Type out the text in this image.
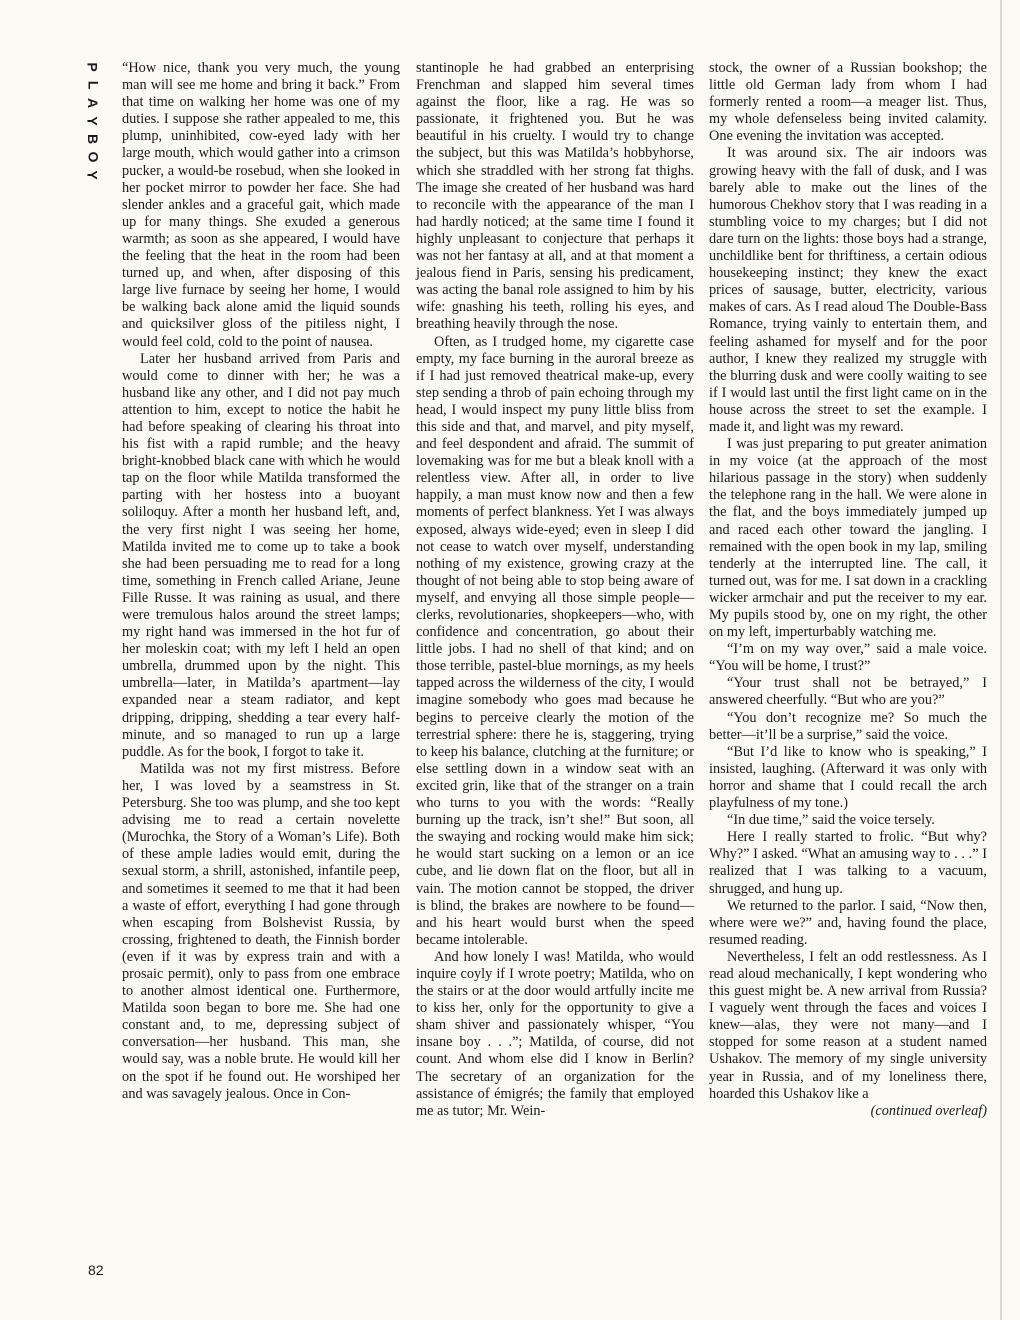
P
L
A
Y
B
O
Y
82

“How nice, thank you very much, the young man will see me home and bring it back.” From that time on walking her home was one of my duties. I suppose she rather appealed to me, this plump, uninhibited, cow-eyed lady with her large mouth, which would gather into a crimson pucker, a would-be rosebud, when she looked in her pocket mirror to powder her face. She had slender ankles and a graceful gait, which made up for many things. She exuded a generous warmth; as soon as she appeared, I would have the feeling that the heat in the room had been turned up, and when, after disposing of this large live furnace by seeing her home, I would be walking back alone amid the liquid sounds and quicksilver gloss of the pitiless night, I would feel cold, cold to the point of nausea.

Later her husband arrived from Paris and would come to dinner with her; he was a husband like any other, and I did not pay much attention to him, except to notice the habit he had before speaking of clearing his throat into his fist with a rapid rumble; and the heavy bright-knobbed black cane with which he would tap on the floor while Matilda transformed the parting with her hostess into a buoyant soliloquy. After a month her husband left, and, the very first night I was seeing her home, Matilda invited me to come up to take a book she had been persuading me to read for a long time, something in French called Ariane, Jeune Fille Russe. It was raining as usual, and there were tremulous halos around the street lamps; my right hand was immersed in the hot fur of her moleskin coat; with my left I held an open umbrella, drummed upon by the night. This umbrella—later, in Matilda’s apartment—lay expanded near a steam radiator, and kept dripping, dripping, shedding a tear every half-minute, and so managed to run up a large puddle. As for the book, I forgot to take it.

Matilda was not my first mistress. Before her, I was loved by a seamstress in St. Petersburg. She too was plump, and she too kept advising me to read a certain novelette (Murochka, the Story of a Woman’s Life). Both of these ample ladies would emit, during the sexual storm, a shrill, astonished, infantile peep, and sometimes it seemed to me that it had been a waste of effort, everything I had gone through when escaping from Bolshevist Russia, by crossing, frightened to death, the Finnish border (even if it was by express train and with a prosaic permit), only to pass from one embrace to another almost identical one. Furthermore, Matilda soon began to bore me. She had one constant and, to me, depressing subject of conversation—her husband. This man, she would say, was a noble brute. He would kill her on the spot if he found out. He worshiped her and was savagely jealous. Once in Con-

stantinople he had grabbed an enterprising Frenchman and slapped him several times against the floor, like a rag. He was so passionate, it frightened you. But he was beautiful in his cruelty. I would try to change the subject, but this was Matilda’s hobbyhorse, which she straddled with her strong fat thighs. The image she created of her husband was hard to reconcile with the appearance of the man I had hardly noticed; at the same time I found it highly unpleasant to conjecture that perhaps it was not her fantasy at all, and at that moment a jealous fiend in Paris, sensing his predicament, was acting the banal role assigned to him by his wife: gnashing his teeth, rolling his eyes, and breathing heavily through the nose.

Often, as I trudged home, my cigarette case empty, my face burning in the auroral breeze as if I had just removed theatrical make-up, every step sending a throb of pain echoing through my head, I would inspect my puny little bliss from this side and that, and marvel, and pity myself, and feel despondent and afraid. The summit of lovemaking was for me but a bleak knoll with a relentless view. After all, in order to live happily, a man must know now and then a few moments of perfect blankness. Yet I was always exposed, always wide-eyed; even in sleep I did not cease to watch over myself, understanding nothing of my existence, growing crazy at the thought of not being able to stop being aware of myself, and envying all those simple people—clerks, revolutionaries, shopkeepers—who, with confidence and concentration, go about their little jobs. I had no shell of that kind; and on those terrible, pastel-blue mornings, as my heels tapped across the wilderness of the city, I would imagine somebody who goes mad because he begins to perceive clearly the motion of the terrestrial sphere: there he is, staggering, trying to keep his balance, clutching at the furniture; or else settling down in a window seat with an excited grin, like that of the stranger on a train who turns to you with the words: “Really burning up the track, isn’t she!” But soon, all the swaying and rocking would make him sick; he would start sucking on a lemon or an ice cube, and lie down flat on the floor, but all in vain. The motion cannot be stopped, the driver is blind, the brakes are nowhere to be found—and his heart would burst when the speed became intolerable.

And how lonely I was! Matilda, who would inquire coyly if I wrote poetry; Matilda, who on the stairs or at the door would artfully incite me to kiss her, only for the opportunity to give a sham shiver and passionately whisper, “You insane boy . . .”; Matilda, of course, did not count. And whom else did I know in Berlin? The secretary of an organization for the assistance of émigrés; the family that employed me as tutor; Mr. Wein-

stock, the owner of a Russian bookshop; the little old German lady from whom I had formerly rented a room—a meager list. Thus, my whole defenseless being invited calamity. One evening the invitation was accepted.

It was around six. The air indoors was growing heavy with the fall of dusk, and I was barely able to make out the lines of the humorous Chekhov story that I was reading in a stumbling voice to my charges; but I did not dare turn on the lights: those boys had a strange, unchildlike bent for thriftiness, a certain odious housekeeping instinct; they knew the exact prices of sausage, butter, electricity, various makes of cars. As I read aloud The Double-Bass Romance, trying vainly to entertain them, and feeling ashamed for myself and for the poor author, I knew they realized my struggle with the blurring dusk and were coolly waiting to see if I would last until the first light came on in the house across the street to set the example. I made it, and light was my reward.

I was just preparing to put greater animation in my voice (at the approach of the most hilarious passage in the story) when suddenly the telephone rang in the hall. We were alone in the flat, and the boys immediately jumped up and raced each other toward the jangling. I remained with the open book in my lap, smiling tenderly at the interrupted line. The call, it turned out, was for me. I sat down in a crackling wicker armchair and put the receiver to my ear. My pupils stood by, one on my right, the other on my left, imperturbably watching me.

“I’m on my way over,” said a male voice. “You will be home, I trust?”

“Your trust shall not be betrayed,” I answered cheerfully. “But who are you?”

“You don’t recognize me? So much the better—it’ll be a surprise,” said the voice.

“But I’d like to know who is speaking,” I insisted, laughing. (Afterward it was only with horror and shame that I could recall the arch playfulness of my tone.)

“In due time,” said the voice tersely.

Here I really started to frolic. “But why? Why?” I asked. “What an amusing way to . . .” I realized that I was talking to a vacuum, shrugged, and hung up.

We returned to the parlor. I said, “Now then, where were we?” and, having found the place, resumed reading.

Nevertheless, I felt an odd restlessness. As I read aloud mechanically, I kept wondering who this guest might be. A new arrival from Russia? I vaguely went through the faces and voices I knew—alas, they were not many—and I stopped for some reason at a student named Ushakov. The memory of my single university year in Russia, and of my loneliness there, hoarded this Ushakov like a

(continued overleaf)
